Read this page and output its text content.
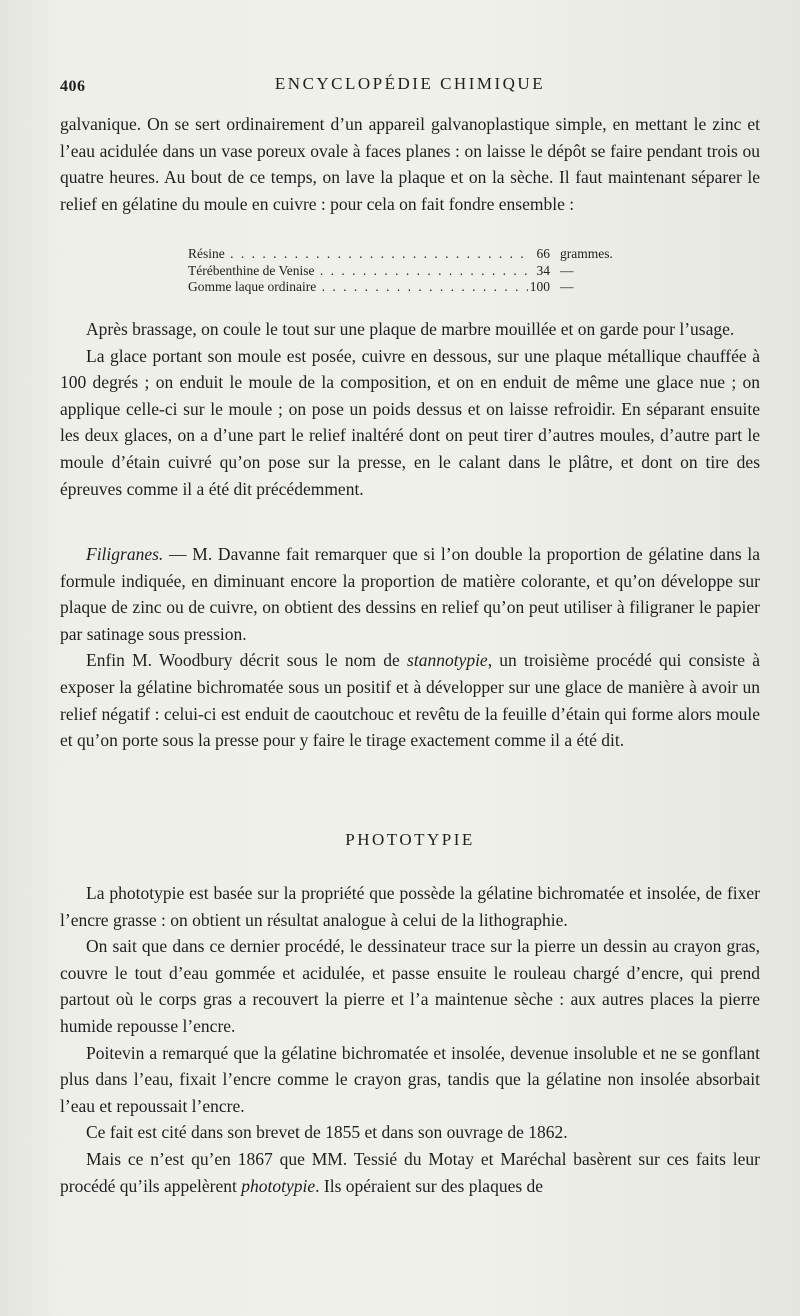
406	ENCYCLOPÉDIE CHIMIQUE

galvanique. On se sert ordinairement d’un appareil galvanoplastique simple, en mettant le zinc et l’eau acidulée dans un vase poreux ovale à faces planes : on laisse le dépôt se faire pendant trois ou quatre heures. Au bout de ce temps, on lave la plaque et on la sèche. Il faut maintenant séparer le relief en gélatine du moule en cuivre : pour cela on fait fondre ensemble :

Résine . . .	66 grammes.
Térébenthine de Venise . . .	34 —
Gomme laque ordinaire . . .	100 —

Après brassage, on coule le tout sur une plaque de marbre mouillée et on garde pour l’usage.

La glace portant son moule est posée, cuivre en dessous, sur une plaque métallique chauffée à 100 degrés ; on enduit le moule de la composition, et on en enduit de même une glace nue ; on applique celle-ci sur le moule ; on pose un poids dessus et on laisse refroidir. En séparant ensuite les deux glaces, on a d’une part le relief inaltéré dont on peut tirer d’autres moules, d’autre part le moule d’étain cuivré qu’on pose sur la presse, en le calant dans le plâtre, et dont on tire des épreuves comme il a été dit précédemment.

Filigranes. — M. Davanne fait remarquer que si l’on double la proportion de gélatine dans la formule indiquée, en diminuant encore la proportion de matière colorante, et qu’on développe sur plaque de zinc ou de cuivre, on obtient des dessins en relief qu’on peut utiliser à filigraner le papier par satinage sous pression.

Enfin M. Woodbury décrit sous le nom de stannotypie, un troisième procédé qui consiste à exposer la gélatine bichromatée sous un positif et à développer sur une glace de manière à avoir un relief négatif : celui-ci est enduit de caoutchouc et revêtu de la feuille d’étain qui forme alors moule et qu’on porte sous la presse pour y faire le tirage exactement comme il a été dit.

PHOTOTYPIE

La phototypie est basée sur la propriété que possède la gélatine bichromatée et insolée, de fixer l’encre grasse : on obtient un résultat analogue à celui de la lithographie.

On sait que dans ce dernier procédé, le dessinateur trace sur la pierre un dessin au crayon gras, couvre le tout d’eau gommée et acidulée, et passe ensuite le rouleau chargé d’encre, qui prend partout où le corps gras a recouvert la pierre et l’a maintenue sèche : aux autres places la pierre humide repousse l’encre.

Poitevin a remarqué que la gélatine bichromatée et insolée, devenue insoluble et ne se gonflant plus dans l’eau, fixait l’encre comme le crayon gras, tandis que la gélatine non insolée absorbait l’eau et repoussait l’encre.

Ce fait est cité dans son brevet de 1855 et dans son ouvrage de 1862.

Mais ce n’est qu’en 1867 que MM. Tessié du Motay et Maréchal basèrent sur ces faits leur procédé qu’ils appelèrent phototypie. Ils opéraient sur des plaques de
